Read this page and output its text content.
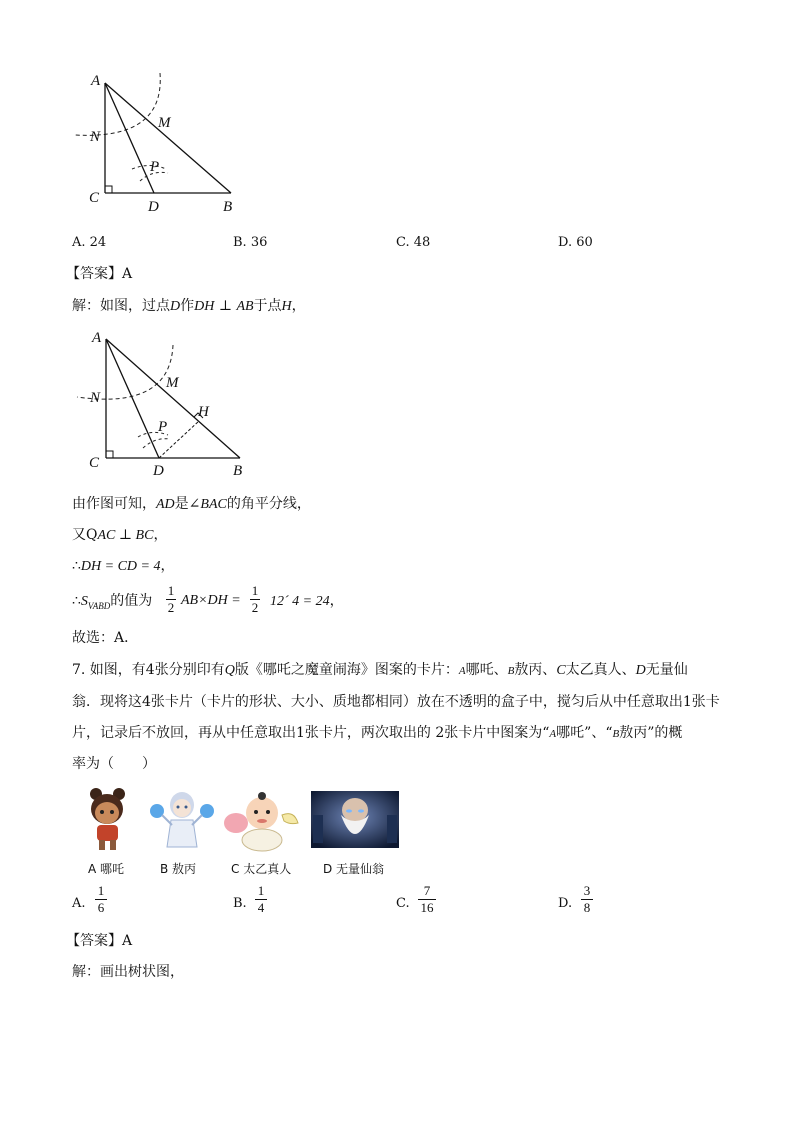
A
M
N
P
C
D	B
A. 24	B. 36	C. 48	D. 60
【答案】A
解：如图，过点D作DH ⊥ AB于点H，
A
M
N
H
P
C	D	B
由作图可知，AD是∠BAC的角平分线，
又QAC ⊥ BC，
∴DH = CD = 4，
$\therefore S_{VABD}$的值为
1
2 AB×DH =
1
2 12´ 4 = 24，
故选：A．
7. 如图，有4张分别印有Q版《哪吒之魔童闹海》图案的卡片：A哪吒、B敖丙、C太乙真人、D无量仙
翁．现将这4张卡片（卡片的形状、大小、质地都相同）放在不透明的盒子中，搅匀后从中任意取出1张卡
片，记录后不放回，再从中任意取出1张卡片，两次取出的 2张卡片中图案为“A哪吒”、“B敖丙”的概
率为（　　）
A 哪吒	B 敖丙	C 太乙真人	D 无量仙翁
A.
1
6	B.
1
4	C.
7
16	D.
3
8
【答案】A
解：画出树状图，
